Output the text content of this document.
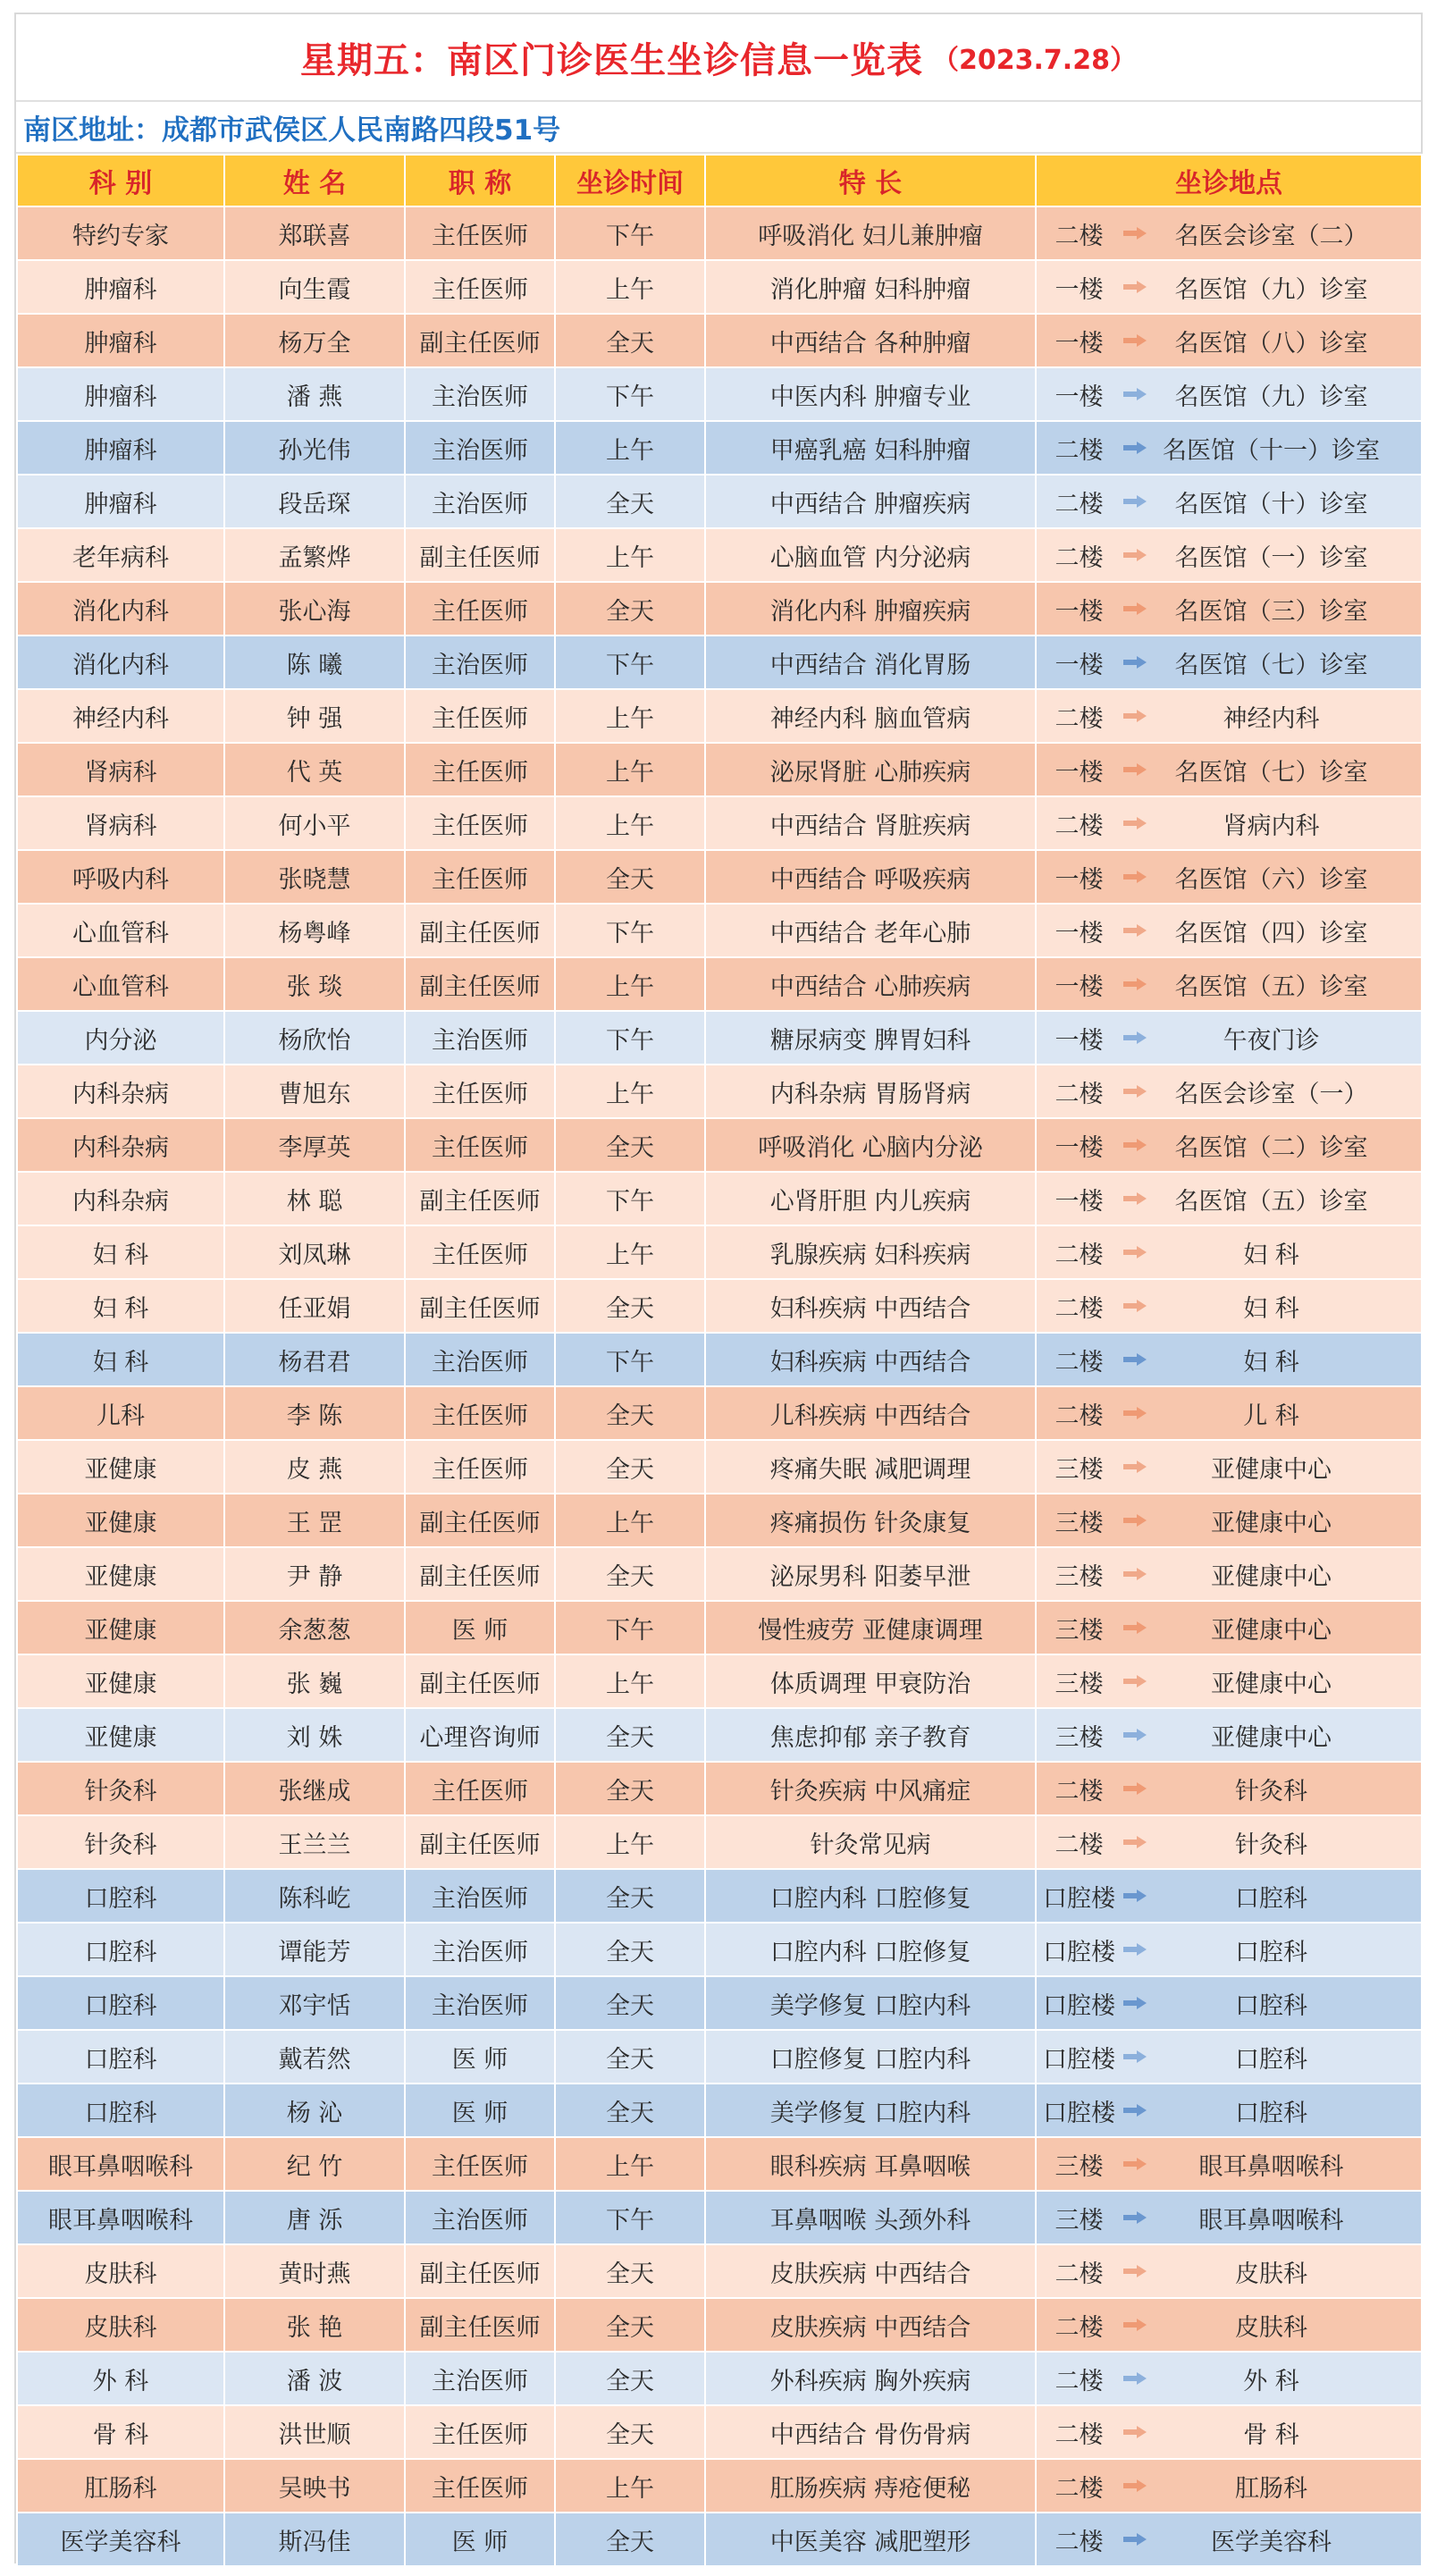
星期五：南区门诊医生坐诊信息一览表 （2023.7.28）
南区地址：成都市武侯区人民南路四段51号
科 别	姓 名	职 称	坐诊时间	特 长	坐诊地点	
特约专家	郑联喜	主任医师	下午	呼吸消化 妇儿兼肿瘤	二楼	名医会诊室（二）
肿瘤科	向生霞	主任医师	上午	消化肿瘤 妇科肿瘤	一楼	名医馆（九）诊室
肿瘤科	杨万全	副主任医师	全天	中西结合 各种肿瘤	一楼	名医馆（八）诊室
肿瘤科	潘 燕	主治医师	下午	中医内科 肿瘤专业	一楼	名医馆（九）诊室
肿瘤科	孙光伟	主治医师	上午	甲癌乳癌 妇科肿瘤	二楼	名医馆（十一）诊室
肿瘤科	段岳琛	主治医师	全天	中西结合 肿瘤疾病	二楼	名医馆（十）诊室
老年病科	孟繁烨	副主任医师	上午	心脑血管 内分泌病	二楼	名医馆（一）诊室
消化内科	张心海	主任医师	全天	消化内科 肿瘤疾病	一楼	名医馆（三）诊室
消化内科	陈 曦	主治医师	下午	中西结合 消化胃肠	一楼	名医馆（七）诊室
神经内科	钟 强	主任医师	上午	神经内科 脑血管病	二楼	神经内科
肾病科	代 英	主任医师	上午	泌尿肾脏 心肺疾病	一楼	名医馆（七）诊室
肾病科	何小平	主任医师	上午	中西结合 肾脏疾病	二楼	肾病内科
呼吸内科	张晓慧	主任医师	全天	中西结合 呼吸疾病	一楼	名医馆（六）诊室
心血管科	杨粤峰	副主任医师	下午	中西结合 老年心肺	一楼	名医馆（四）诊室
心血管科	张 琰	副主任医师	上午	中西结合 心肺疾病	一楼	名医馆（五）诊室
内分泌	杨欣怡	主治医师	下午	糖尿病变 脾胃妇科	一楼	午夜门诊
内科杂病	曹旭东	主任医师	上午	内科杂病 胃肠肾病	二楼	名医会诊室（一）
内科杂病	李厚英	主任医师	全天	呼吸消化 心脑内分泌	一楼	名医馆（二）诊室
内科杂病	林 聪	副主任医师	下午	心肾肝胆 内儿疾病	一楼	名医馆（五）诊室
妇 科	刘凤琳	主任医师	上午	乳腺疾病 妇科疾病	二楼	妇 科
妇 科	任亚娟	副主任医师	全天	妇科疾病 中西结合	二楼	妇 科
妇 科	杨君君	主治医师	下午	妇科疾病 中西结合	二楼	妇 科
儿科	李 陈	主任医师	全天	儿科疾病 中西结合	二楼	儿 科
亚健康	皮 燕	主任医师	全天	疼痛失眠 减肥调理	三楼	亚健康中心
亚健康	王 罡	副主任医师	上午	疼痛损伤 针灸康复	三楼	亚健康中心
亚健康	尹 静	副主任医师	全天	泌尿男科 阳萎早泄	三楼	亚健康中心
亚健康	余葱葱	医 师	下午	慢性疲劳 亚健康调理	三楼	亚健康中心
亚健康	张 巍	副主任医师	上午	体质调理 甲衰防治	三楼	亚健康中心
亚健康	刘 姝	心理咨询师	全天	焦虑抑郁 亲子教育	三楼	亚健康中心
针灸科	张继成	主任医师	全天	针灸疾病 中风痛症	二楼	针灸科
针灸科	王兰兰	副主任医师	上午	针灸常见病	二楼	针灸科
口腔科	陈科屹	主治医师	全天	口腔内科 口腔修复	口腔楼	口腔科
口腔科	谭能芳	主治医师	全天	口腔内科 口腔修复	口腔楼	口腔科
口腔科	邓宇恬	主治医师	全天	美学修复 口腔内科	口腔楼	口腔科
口腔科	戴若然	医 师	全天	口腔修复 口腔内科	口腔楼	口腔科
口腔科	杨 沁	医 师	全天	美学修复 口腔内科	口腔楼	口腔科
眼耳鼻咽喉科	纪 竹	主任医师	上午	眼科疾病 耳鼻咽喉	三楼	眼耳鼻咽喉科
眼耳鼻咽喉科	唐 泺	主治医师	下午	耳鼻咽喉 头颈外科	三楼	眼耳鼻咽喉科
皮肤科	黄时燕	副主任医师	全天	皮肤疾病 中西结合	二楼	皮肤科
皮肤科	张 艳	副主任医师	全天	皮肤疾病 中西结合	二楼	皮肤科
外 科	潘 波	主治医师	全天	外科疾病 胸外疾病	二楼	外 科
骨 科	洪世顺	主任医师	全天	中西结合 骨伤骨病	二楼	骨 科
肛肠科	吴映书	主任医师	上午	肛肠疾病 痔疮便秘	二楼	肛肠科
医学美容科	斯冯佳	医 师	全天	中医美容 减肥塑形	二楼	医学美容科
